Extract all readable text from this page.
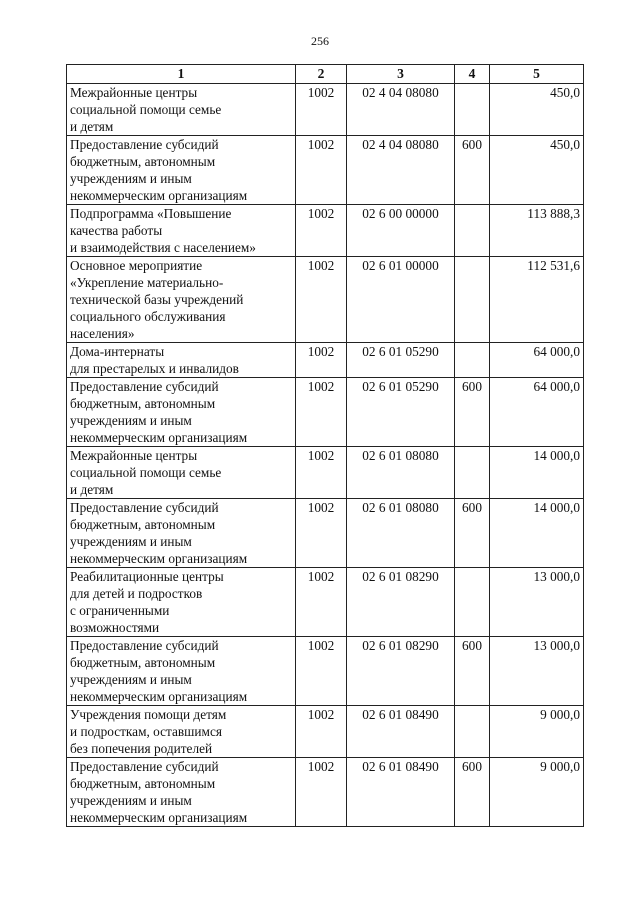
256
1	2	3	4	5
Межрайонные центры
социальной помощи семье
и детям	1002	02 4 04 08080		450,0
Предоставление субсидий
бюджетным, автономным
учреждениям и иным
некоммерческим организациям	1002	02 4 04 08080	600	450,0
Подпрограмма «Повышение
качества работы
и взаимодействия с населением»	1002	02 6 00 00000		113 888,3
Основное мероприятие
«Укрепление материально-
технической базы учреждений
социального обслуживания
населения»	1002	02 6 01 00000		112 531,6
Дома-интернаты
для престарелых и инвалидов	1002	02 6 01 05290		64 000,0
Предоставление субсидий
бюджетным, автономным
учреждениям и иным
некоммерческим организациям	1002	02 6 01 05290	600	64 000,0
Межрайонные центры
социальной помощи семье
и детям	1002	02 6 01 08080		14 000,0
Предоставление субсидий
бюджетным, автономным
учреждениям и иным
некоммерческим организациям	1002	02 6 01 08080	600	14 000,0
Реабилитационные центры
для детей и подростков
с ограниченными
возможностями	1002	02 6 01 08290		13 000,0
Предоставление субсидий
бюджетным, автономным
учреждениям и иным
некоммерческим организациям	1002	02 6 01 08290	600	13 000,0
Учреждения помощи детям
и подросткам, оставшимся
без попечения родителей	1002	02 6 01 08490		9 000,0
Предоставление субсидий
бюджетным, автономным
учреждениям и иным
некоммерческим организациям	1002	02 6 01 08490	600	9 000,0
